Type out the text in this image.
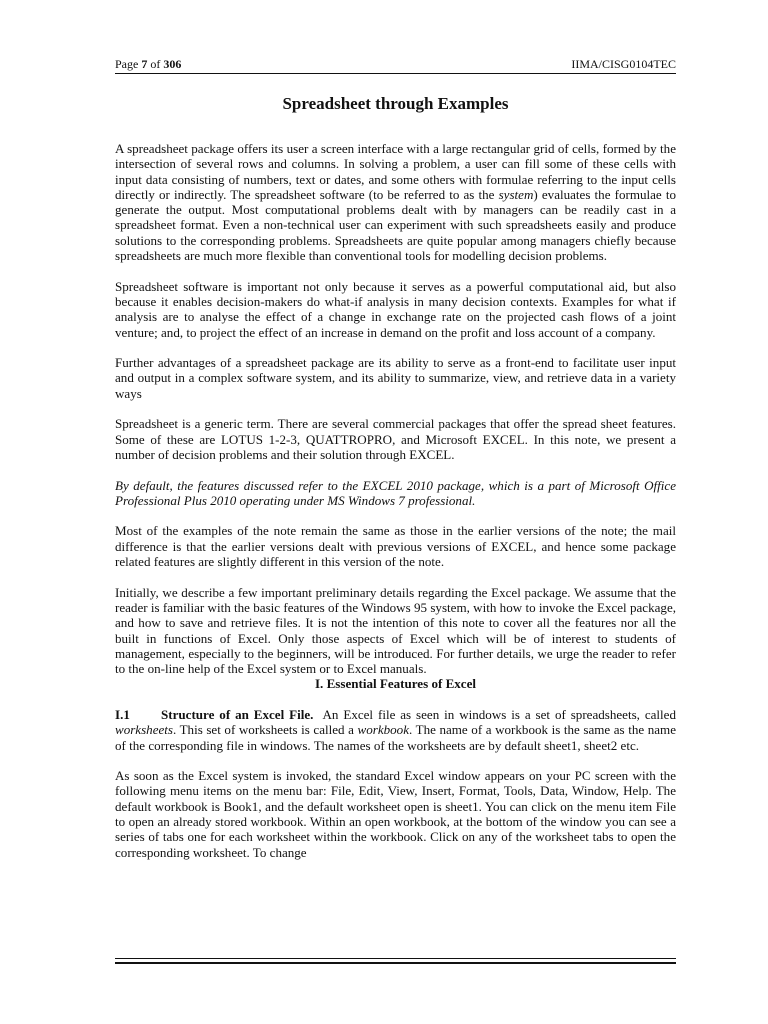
Page 7 of 306	IIMA/CISG0104TEC
Spreadsheet through Examples

A spreadsheet package offers its user a screen interface with a large rectangular grid of cells, formed by the intersection of several rows and columns. In solving a problem, a user can fill some of these cells with input data consisting of numbers, text or dates, and some others with formulae referring to the input cells directly or indirectly. The spreadsheet software (to be referred to as the system) evaluates the formulae to generate the output. Most computational problems dealt with by managers can be readily cast in a spreadsheet format. Even a non-technical user can experiment with such spreadsheets easily and produce solutions to the corresponding problems. Spreadsheets are quite popular among managers chiefly because spreadsheets are much more flexible than conventional tools for modelling decision problems.

Spreadsheet software is important not only because it serves as a powerful computational aid, but also because it enables decision-makers do what-if analysis in many decision contexts. Examples for what if analysis are to analyse the effect of a change in exchange rate on the projected cash flows of a joint venture; and, to project the effect of an increase in demand on the profit and loss account of a company.

Further advantages of a spreadsheet package are its ability to serve as a front-end to facilitate user input and output in a complex software system, and its ability to summarize, view, and retrieve data in a variety ways

Spreadsheet is a generic term. There are several commercial packages that offer the spread sheet features. Some of these are LOTUS 1-2-3, QUATTROPRO, and Microsoft EXCEL. In this note, we present a number of decision problems and their solution through EXCEL.

By default, the features discussed refer to the EXCEL 2010 package, which is a part of Microsoft Office Professional Plus 2010 operating under MS Windows 7 professional.

Most of the examples of the note remain the same as those in the earlier versions of the note; the mail difference is that the earlier versions dealt with previous versions of EXCEL, and hence some package related features are slightly different in this version of the note.

Initially, we describe a few important preliminary details regarding the Excel package. We assume that the reader is familiar with the basic features of the Windows 95 system, with how to invoke the Excel package, and how to save and retrieve files. It is not the intention of this note to cover all the features nor all the built in functions of Excel. Only those aspects of Excel which will be of interest to students of management, especially to the beginners, will be introduced. For further details, we urge the reader to refer to the on-line help of the Excel system or to Excel manuals.

I. Essential Features of Excel

I.1 Structure of an Excel File. An Excel file as seen in windows is a set of spreadsheets, called worksheets. This set of worksheets is called a workbook. The name of a workbook is the same as the name of the corresponding file in windows. The names of the worksheets are by default sheet1, sheet2 etc.

As soon as the Excel system is invoked, the standard Excel window appears on your PC screen with the following menu items on the menu bar: File, Edit, View, Insert, Format, Tools, Data, Window, Help. The default workbook is Book1, and the default worksheet open is sheet1. You can click on the menu item File to open an already stored workbook. Within an open workbook, at the bottom of the window you can see a series of tabs one for each worksheet within the workbook. Click on any of the worksheet tabs to open the corresponding worksheet. To change
